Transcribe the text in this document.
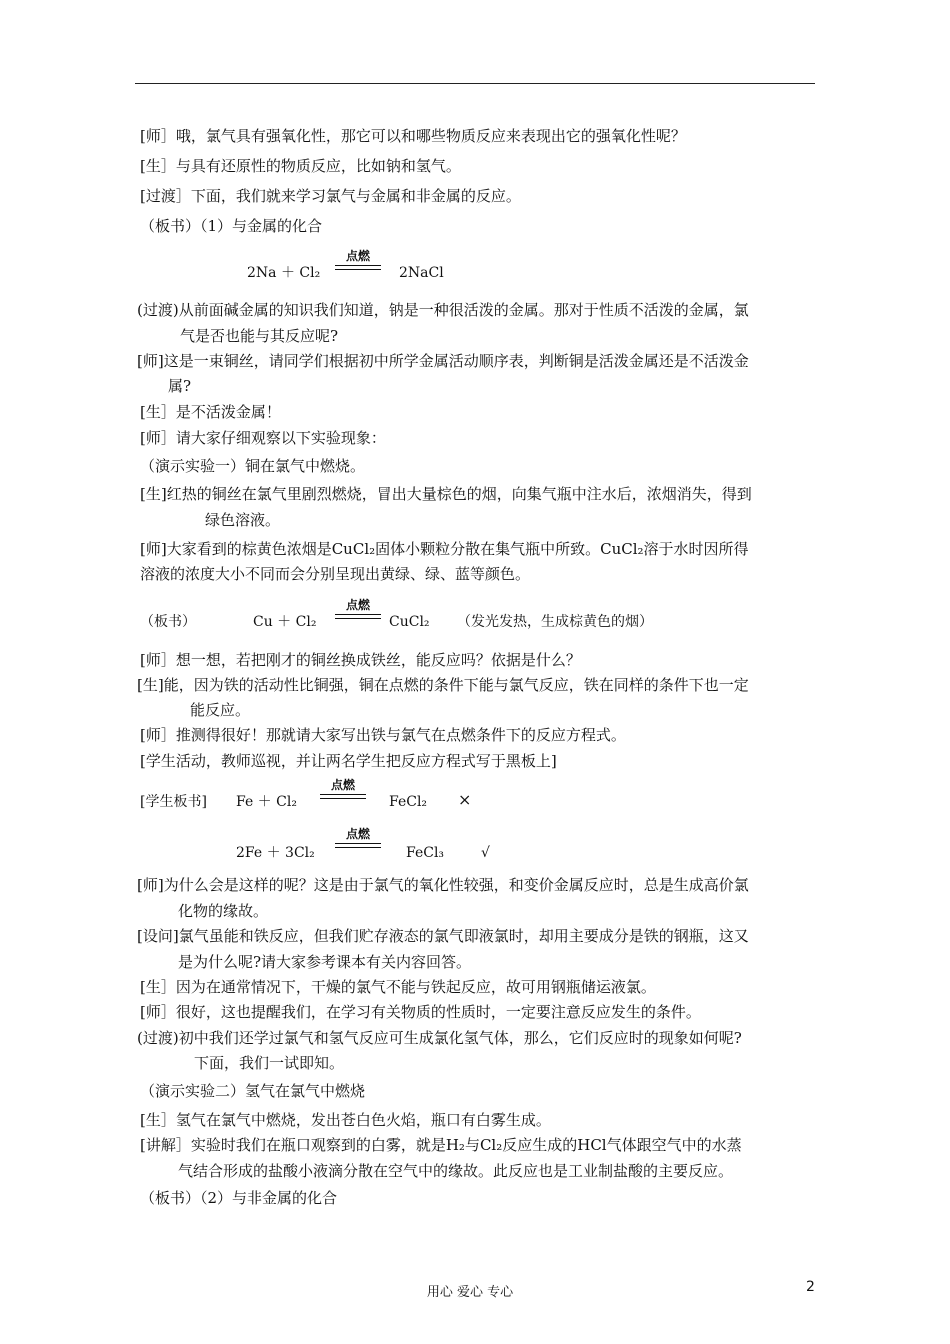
[师］哦，氯气具有强氧化性，那它可以和哪些物质反应来表现出它的强氧化性呢？
[生］与具有还原性的物质反应，比如钠和氢气。
[过渡］下面，我们就来学习氯气与金属和非金属的反应。
（板书）（1）与金属的化合
2Na ＋ Cl₂
点燃
2NaCl
(过渡)从前面碱金属的知识我们知道，钠是一种很活泼的金属。那对于性质不活泼的金属，氯
气是否也能与其反应呢?
[师]这是一束铜丝，请同学们根据初中所学金属活动顺序表，判断铜是活泼金属还是不活泼金
属?
[生］是不活泼金属！
[师］请大家仔细观察以下实验现象：
（演示实验一）铜在氯气中燃烧。
[生]红热的铜丝在氯气里剧烈燃烧，冒出大量棕色的烟，向集气瓶中注水后，浓烟消失，得到
绿色溶液。
[师]大家看到的棕黄色浓烟是CuCl₂固体小颗粒分散在集气瓶中所致。CuCl₂溶于水时因所得
溶液的浓度大小不同而会分别呈现出黄绿、绿、蓝等颜色。
（板书）	Cu ＋ Cl₂
点燃
CuCl₂ （发光发热，生成棕黄色的烟）
[师］想一想，若把刚才的铜丝换成铁丝，能反应吗？依据是什么？
[生]能，因为铁的活动性比铜强，铜在点燃的条件下能与氯气反应，铁在同样的条件下也一定
能反应。
[师］推测得很好！那就请大家写出铁与氯气在点燃条件下的反应方程式。
[学生活动，教师巡视，并让两名学生把反应方程式写于黑板上]
[学生板书] Fe ＋ Cl₂
点燃
FeCl₂ ×
2Fe ＋ 3Cl₂
点燃
FeCl₃	√
[师]为什么会是这样的呢？这是由于氯气的氧化性较强，和变价金属反应时，总是生成高价氯
化物的缘故。
[设问]氯气虽能和铁反应，但我们贮存液态的氯气即液氯时，却用主要成分是铁的钢瓶，这又
是为什么呢?请大家参考课本有关内容回答。
[生］因为在通常情况下，干燥的氯气不能与铁起反应，故可用钢瓶储运液氯。
[师］很好，这也提醒我们，在学习有关物质的性质时，一定要注意反应发生的条件。
(过渡)初中我们还学过氯气和氢气反应可生成氯化氢气体，那么，它们反应时的现象如何呢?
下面，我们一试即知。
（演示实验二）氢气在氯气中燃烧
[生］氢气在氯气中燃烧，发出苍白色火焰，瓶口有白雾生成。
[讲解］实验时我们在瓶口观察到的白雾，就是H₂与Cl₂反应生成的HCl气体跟空气中的水蒸
气结合形成的盐酸小液滴分散在空气中的缘故。此反应也是工业制盐酸的主要反应。
（板书）（2）与非金属的化合
用心 爱心 专心	2
